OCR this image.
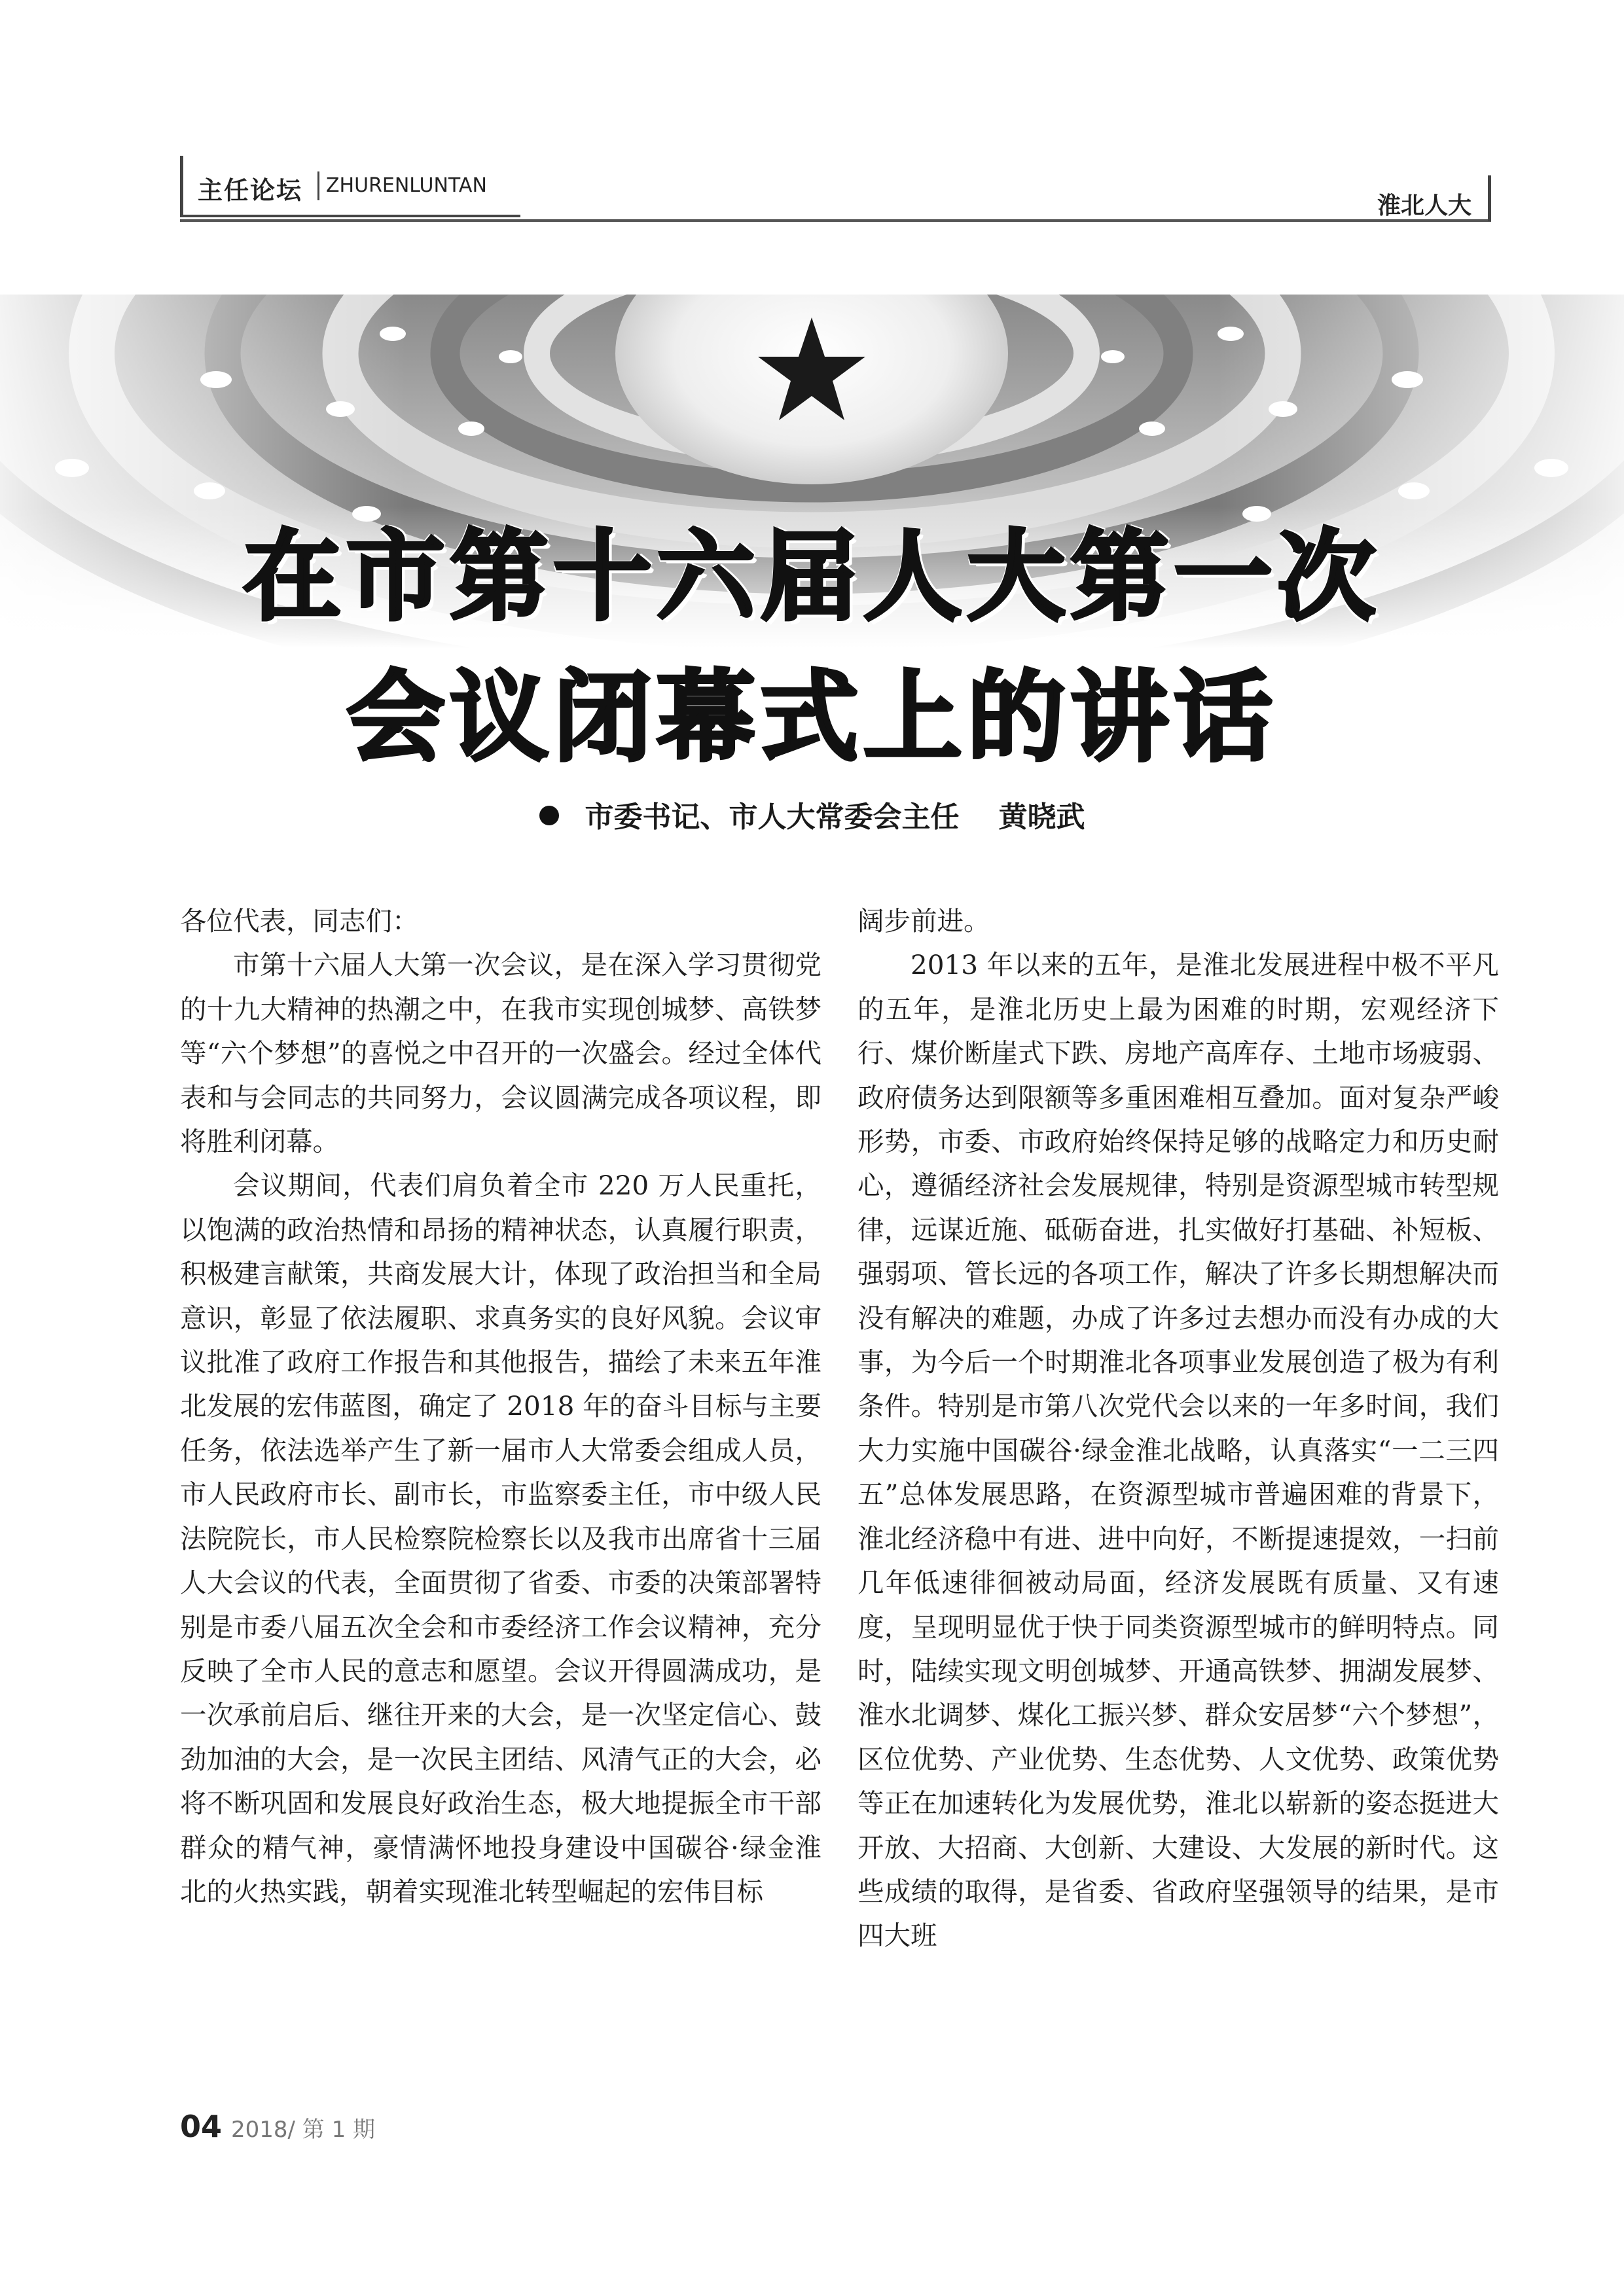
主任论坛 ZHURENLUNTAN
淮北人大
在市第十六届人大第一次
会议闭幕式上的讲话
市委书记、市人大常委会主任 黄晓武

各位代表，同志们：

市第十六届人大第一次会议，是在深入学习贯彻党的十九大精神的热潮之中，在我市实现创城梦、高铁梦等“六个梦想”的喜悦之中召开的一次盛会。经过全体代表和与会同志的共同努力，会议圆满完成各项议程，即将胜利闭幕。

会议期间，代表们肩负着全市 220 万人民重托，以饱满的政治热情和昂扬的精神状态，认真履行职责，积极建言献策，共商发展大计，体现了政治担当和全局意识，彰显了依法履职、求真务实的良好风貌。会议审议批准了政府工作报告和其他报告，描绘了未来五年淮北发展的宏伟蓝图，确定了 2018 年的奋斗目标与主要任务，依法选举产生了新一届市人大常委会组成人员，市人民政府市长、副市长，市监察委主任，市中级人民法院院长，市人民检察院检察长以及我市出席省十三届人大会议的代表，全面贯彻了省委、市委的决策部署特别是市委八届五次全会和市委经济工作会议精神，充分反映了全市人民的意志和愿望。会议开得圆满成功，是一次承前启后、继往开来的大会，是一次坚定信心、鼓劲加油的大会，是一次民主团结、风清气正的大会，必将不断巩固和发展良好政治生态，极大地提振全市干部群众的精气神，豪情满怀地投身建设中国碳谷·绿金淮北的火热实践，朝着实现淮北转型崛起的宏伟目标

阔步前进。

2013 年以来的五年，是淮北发展进程中极不平凡的五年，是淮北历史上最为困难的时期，宏观经济下行、煤价断崖式下跌、房地产高库存、土地市场疲弱、政府债务达到限额等多重困难相互叠加。面对复杂严峻形势，市委、市政府始终保持足够的战略定力和历史耐心，遵循经济社会发展规律，特别是资源型城市转型规律，远谋近施、砥砺奋进，扎实做好打基础、补短板、强弱项、管长远的各项工作，解决了许多长期想解决而没有解决的难题，办成了许多过去想办而没有办成的大事，为今后一个时期淮北各项事业发展创造了极为有利条件。特别是市第八次党代会以来的一年多时间，我们大力实施中国碳谷·绿金淮北战略，认真落实“一二三四五”总体发展思路，在资源型城市普遍困难的背景下，淮北经济稳中有进、进中向好，不断提速提效，一扫前几年低速徘徊被动局面，经济发展既有质量、又有速度，呈现明显优于快于同类资源型城市的鲜明特点。同时，陆续实现文明创城梦、开通高铁梦、拥湖发展梦、淮水北调梦、煤化工振兴梦、群众安居梦“六个梦想”，区位优势、产业优势、生态优势、人文优势、政策优势等正在加速转化为发展优势，淮北以崭新的姿态挺进大开放、大招商、大创新、大建设、大发展的新时代。这些成绩的取得，是省委、省政府坚强领导的结果，是市四大班

04 2018/ 第 1 期
